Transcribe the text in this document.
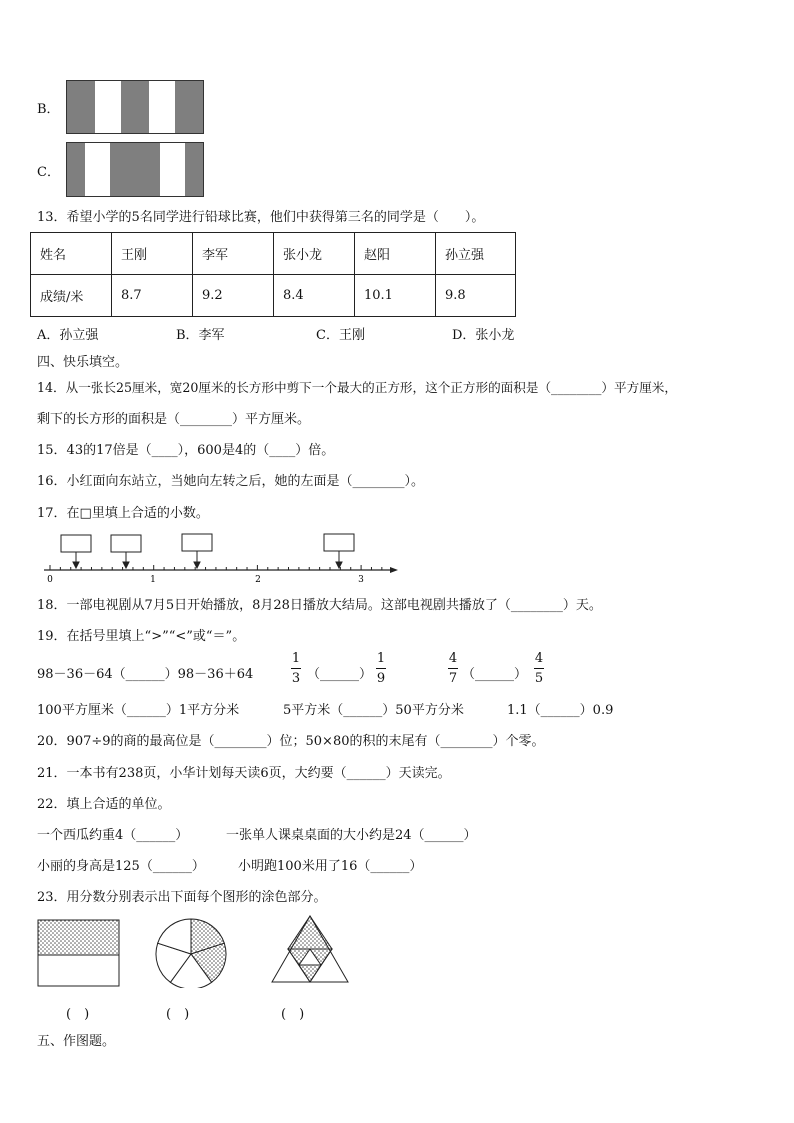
B．
C．
13．希望小学的5名同学进行铅球比赛，他们中获得第三名的同学是（　　）。
姓名	王刚	李军	张小龙	赵阳	孙立强
成绩/米	8.7	9.2	8.4	10.1	9.8
A．孙立强	B．李军	C．王刚	D．张小龙
四、快乐填空。
14．从一张长25厘米，宽20厘米的长方形中剪下一个最大的正方形，这个正方形的面积是（________）平方厘米，
剩下的长方形的面积是（________）平方厘米。
15．43的17倍是（____），600是4的（____）倍。
16．小红面向东站立，当她向左转之后，她的左面是（________）。
17．在□里填上合适的小数。
0	1	2	3
18．一部电视剧从7月5日开始播放，8月28日播放大结局。这部电视剧共播放了（________）天。
19．在括号里填上“>”“<”或“＝”。
98－36－64（______）98－36＋64
1
3 （______）
1
9
4
7 （______）
4
5
100平方厘米（______）1平方分米	5平方米（______）50平方分米	1.1（______）0.9
20．907÷9的商的最高位是（________）位；50×80的积的末尾有（________）个零。
21．一本书有238页，小华计划每天读6页，大约要（______）天读完。
22．填上合适的单位。
一个西瓜约重4（______）	一张单人课桌桌面的大小约是24（______）
小丽的身高是125（______）	小明跑100米用了16（______）
23．用分数分别表示出下面每个图形的涂色部分。
(　)	(　)	(　)
五、作图题。
